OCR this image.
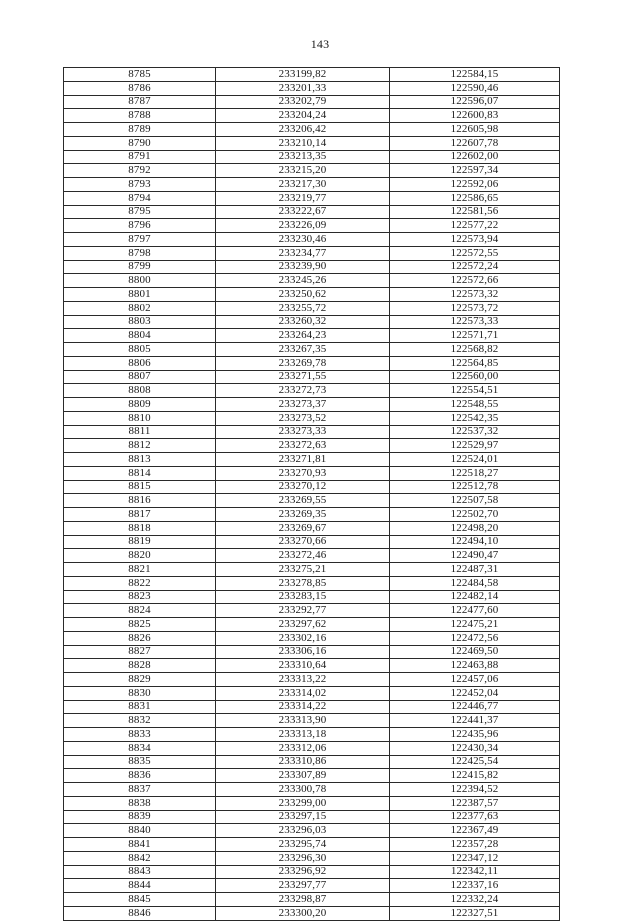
143
8785	233199,82	122584,15
8786	233201,33	122590,46
8787	233202,79	122596,07
8788	233204,24	122600,83
8789	233206,42	122605,98
8790	233210,14	122607,78
8791	233213,35	122602,00
8792	233215,20	122597,34
8793	233217,30	122592,06
8794	233219,77	122586,65
8795	233222,67	122581,56
8796	233226,09	122577,22
8797	233230,46	122573,94
8798	233234,77	122572,55
8799	233239,90	122572,24
8800	233245,26	122572,66
8801	233250,62	122573,32
8802	233255,72	122573,72
8803	233260,32	122573,33
8804	233264,23	122571,71
8805	233267,35	122568,82
8806	233269,78	122564,85
8807	233271,55	122560,00
8808	233272,73	122554,51
8809	233273,37	122548,55
8810	233273,52	122542,35
8811	233273,33	122537,32
8812	233272,63	122529,97
8813	233271,81	122524,01
8814	233270,93	122518,27
8815	233270,12	122512,78
8816	233269,55	122507,58
8817	233269,35	122502,70
8818	233269,67	122498,20
8819	233270,66	122494,10
8820	233272,46	122490,47
8821	233275,21	122487,31
8822	233278,85	122484,58
8823	233283,15	122482,14
8824	233292,77	122477,60
8825	233297,62	122475,21
8826	233302,16	122472,56
8827	233306,16	122469,50
8828	233310,64	122463,88
8829	233313,22	122457,06
8830	233314,02	122452,04
8831	233314,22	122446,77
8832	233313,90	122441,37
8833	233313,18	122435,96
8834	233312,06	122430,34
8835	233310,86	122425,54
8836	233307,89	122415,82
8837	233300,78	122394,52
8838	233299,00	122387,57
8839	233297,15	122377,63
8840	233296,03	122367,49
8841	233295,74	122357,28
8842	233296,30	122347,12
8843	233296,92	122342,11
8844	233297,77	122337,16
8845	233298,87	122332,24
8846	233300,20	122327,51
